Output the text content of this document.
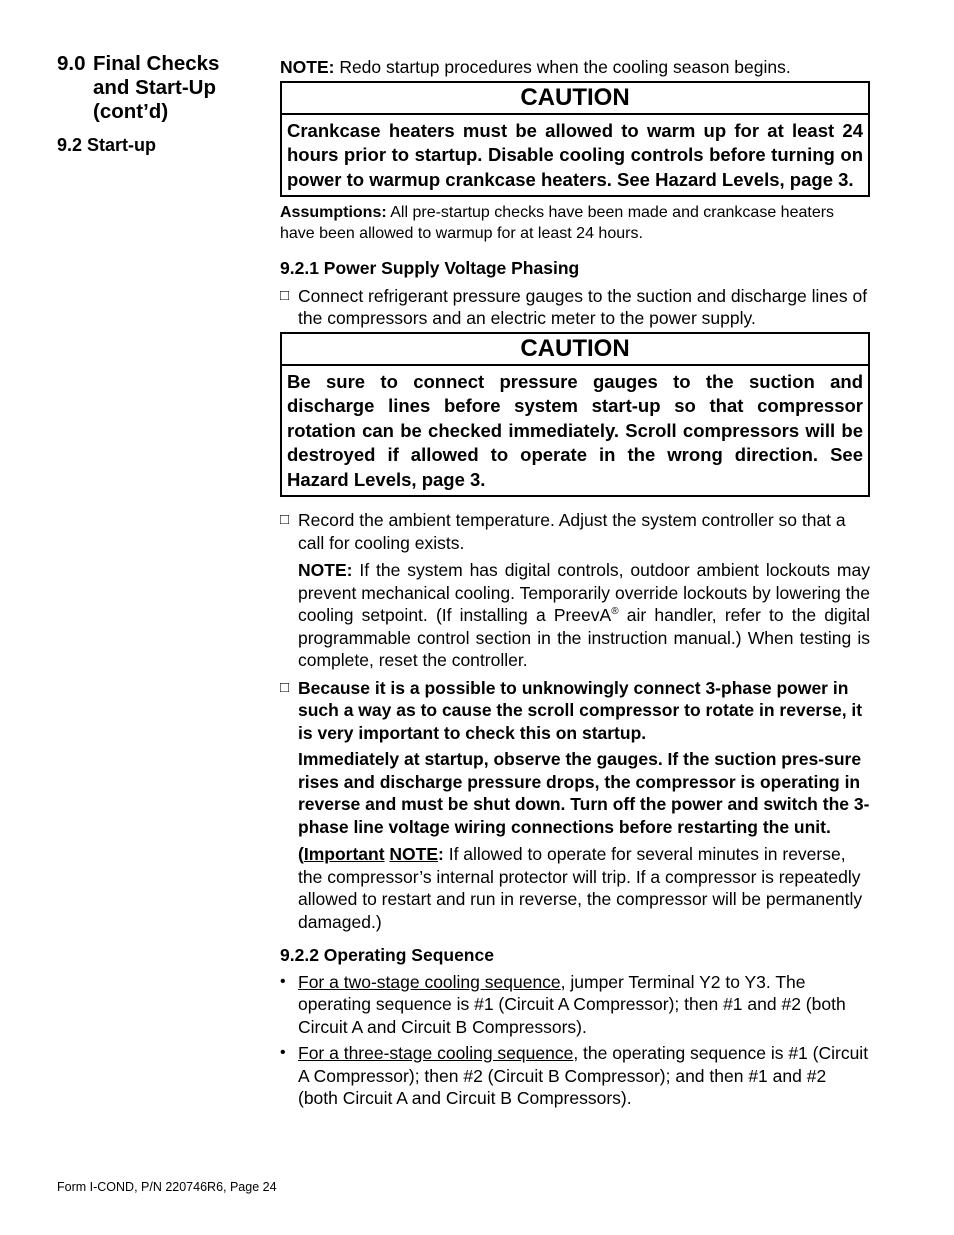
9.0 Final Checks
and Start-Up
(cont’d)
9.2 Start-up

NOTE: Redo startup procedures when the cooling season begins.

CAUTION
Crankcase heaters must be allowed to warm up for at least 24 hours prior to startup. Disable cooling controls before turning on power to warmup crankcase heaters. See Hazard Levels, page 3.

Assumptions: All pre-startup checks have been made and crankcase heaters have been allowed to warmup for at least 24 hours.

9.2.1 Power Supply Voltage Phasing
□ Connect refrigerant pressure gauges to the suction and discharge lines of the compressors and an electric meter to the power supply.
CAUTION
Be sure to connect pressure gauges to the suction and discharge lines before system start-up so that compressor rotation can be checked immediately. Scroll compressors will be destroyed if allowed to operate in the wrong direction. See Hazard Levels, page 3.
□ Record the ambient temperature. Adjust the system controller so that a call for cooling exists.

NOTE: If the system has digital controls, outdoor ambient lockouts may prevent mechanical cooling. Temporarily override lockouts by lowering the cooling setpoint. (If installing a PreevA® air handler, refer to the digital programmable control section in the instruction manual.) When testing is complete, reset the controller.

□ Because it is a possible to unknowingly connect 3-phase power in such a way as to cause the scroll compressor to rotate in reverse, it is very important to check this on startup.

Immediately at startup, observe the gauges. If the suction pres-sure rises and discharge pressure drops, the compressor is operating in reverse and must be shut down. Turn off the power and switch the 3-phase line voltage wiring connections before restarting the unit.

(Important NOTE: If allowed to operate for several minutes in reverse, the compressor’s internal protector will trip. If a compressor is repeatedly allowed to restart and run in reverse, the compressor will be permanently damaged.)

9.2.2 Operating Sequence
• For a two-stage cooling sequence, jumper Terminal Y2 to Y3. The operating sequence is #1 (Circuit A Compressor); then #1 and #2 (both Circuit A and Circuit B Compressors).
• For a three-stage cooling sequence, the operating sequence is #1 (Circuit A Compressor); then #2 (Circuit B Compressor); and then #1 and #2 (both Circuit A and Circuit B Compressors).
Form I-COND, P/N 220746R6, Page 24
